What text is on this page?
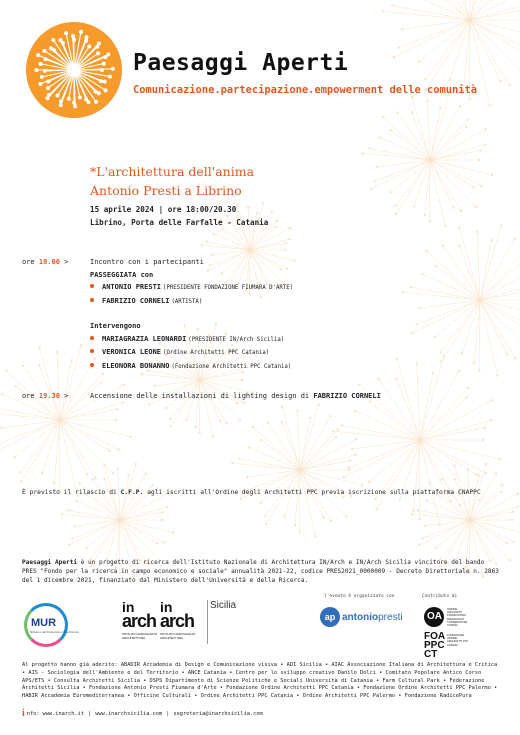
Paesaggi Aperti
Comunicazione.partecipazione.empowerment delle comunità
*L'architettura dell'anima
Antonio Presti a Librino
15 aprile 2024 | ore 18:00/20.30
Librino, Porta delle Farfalle - Catania
ore 18.00 >	Incontro con i partecipanti
PASSEGGIATA con
ANTONIO PRESTI (PRESIDENTE FONDAZIONE FIUMARA D'ARTE)
FABRIZIO CORNELI (ARTISTA)
Intervengono
MARIAGRAZIA LEONARDI (PRESIDENTE IN/Arch Sicilia)
VERONICA LEONE (Ordine Architetti PPC Catania)
ELEONORA BONANNO (Fondazione Architetti PPC Catania)
ore 19.30 >	Accensione delle installazioni di lighting design di FABRIZIO CORNELI
È previsto il rilascio di C.F.P. agli iscritti all'Ordine degli Architetti PPC previa iscrizione sulla piattaforma CNAPPC
Paesaggi Aperti è un progetto di ricerca dell'Istituto Nazionale di Architettura IN/Arch e IN/Arch Sicilia vincitore del bando PRES "Fondo per la ricerca in campo economico e sociale" annualità 2021-22, codice PRES2021_0000009 - Decreto Direttoriale n. 2863 del 1 dicembre 2021, finanziato dal Ministero dell'Università e della Ricerca.
MUR
Ministero dell'Università e della Ricerca
in
arch
ISTITUTO NAZIONALE DI ARCHITETTURA
in
arch
ISTITUTO NAZIONALE DI ARCHITETTURA
Sicilia
l'evento è organizzato con
ap antoniopresti
Contributo di
OA
ORDINE ARCHITETTI PIANIFICATORI PAESAGGISTI CONSERVATORI CATANIA
FOA
PPC
CT
FONDAZIONE ORDINE ARCHITETTI PPC CATANIA
Al progetto hanno già aderito: ABADIR Accademia di Design e Comunicazione visiva • ADI Sicilia • AIAC Associazione Italiana di Architettura e Critica • AIS - Sociologia dell'Ambiente e del Territorio • ANCE Catania • Centro per lo sviluppo creativo Danilo Dolci • Comitato Popolare Antico Corso APS/ETS • Consulta Architetti Sicilia • DSPS Dipartimento di Scienze Politiche e Sociali Università di Catania • Farm Cultural Park • Federazione Architetti Sicilia • Fondazione Antonio Presti Fiumara d'Arte • Fondazione Ordine Architetti PPC Catania • Fondazione Ordine Architetti PPC Palermo • HABIR Accademia Euromediterranea • Officine Culturali • Ordine Architetti PPC Catania • Ordine Architetti PPC Palermo • Fondazione RadicePura
i nfo: www.inarch.it | www.inarchsicilia.com | segreteria@inarchsicilia.com
